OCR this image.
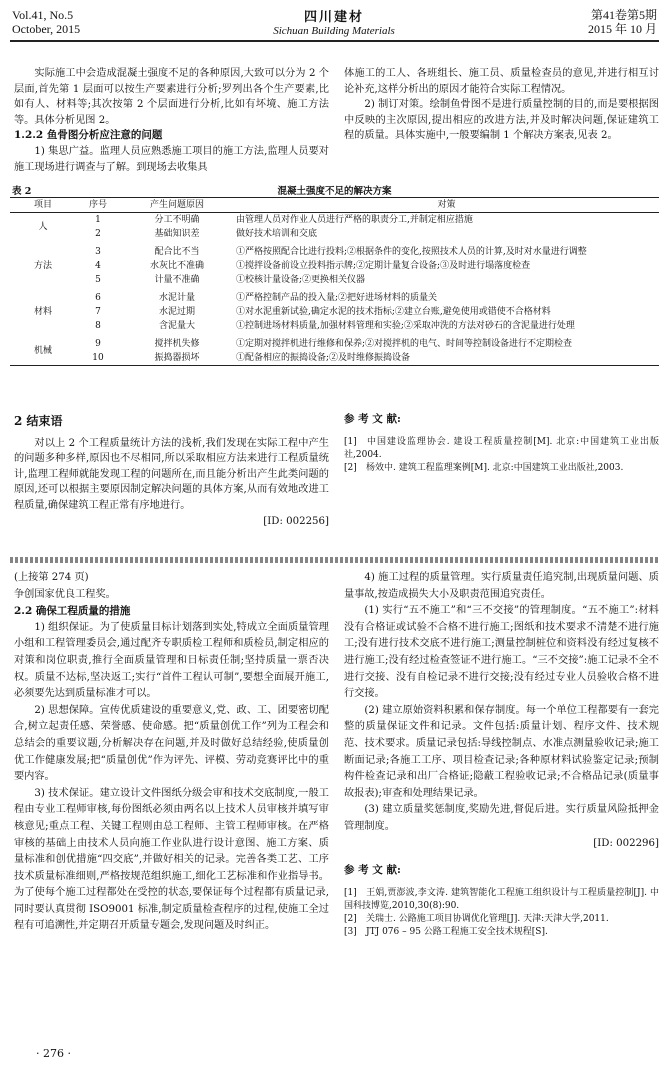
Vol.41, No.5
October, 2015
四川建材
Sichuan Building Materials
第41卷第5期
2015 年 10 月

实际施工中会造成混凝土强度不足的各种原因,大致可以分为 2 个层面,首先第 1 层面可以按生产要素进行分析;罗列出各个生产要素,比如有人、材料等;其次按第 2 个层面进行分析,比如有坏境、施工方法等。具体分析见图 2。

1.2.2 鱼骨图分析应注意的问题

1) 集思广益。监理人员应熟悉施工项目的施工方法,监理人员要对施工现场进行调查与了解。到现场去收集具

体施工的工人、各班组长、施工员、质量检查员的意见,并进行相互讨论补充,这样分析出的原因才能符合实际工程情况。

2) 制订对策。绘制鱼骨图不是进行质量控制的目的,而是要根据图中反映的主次原因,提出相应的改进方法,并及时解决问题,保证建筑工程的质量。具体实施中,一般要编制 1 个解决方案表,见表 2。

表 2	混凝土强度不足的解决方案
项目	序号	产生问题原因	对策
人	1	分工不明确	由管理人员对作业人员进行严格的职责分工,并制定相应措施
	2	基础知识差	做好技术培训和交底
方法	3	配合比不当	①严格按照配合比进行投料;②根据条件的变化,按照技术人员的计算,及时对水量进行调整
	4	水灰比不准确	①搅拌设备前设立投料指示牌;②定期计量复合设备;③及时进行塌落度检查
	5	计量不准确	①校核计量设备;②更换相关仪器
材料	6	水泥计量	①严格控制产品的投入量;②把好进场材料的质量关
	7	水泥过期	①对水泥重新试验,确定水泥的技术指标;②建立台账,避免使用或错使不合格材料
	8	含泥量大	①控制进场材料质量,加强材料管理和实验;②采取冲洗的方法对砂石的含泥量进行处理
机械	9	搅拌机失修	①定期对搅拌机进行维修和保养;②对搅拌机的电气、时间等控制设备进行不定期检查
	10	振捣器损坏	①配备相应的振捣设备;②及时维修振捣设备
2 结束语

对以上 2 个工程质量统计方法的浅析,我们发现在实际工程中产生的问题多种多样,原因也不尽相同,所以采取相应方法来进行工程质量统计,监理工程师就能发现工程的问题所在,而且能分析出产生此类问题的原因,还可以根据主要原因制定解决问题的具体方案,从而有效地改进工程质量,确保建筑工程正常有序地进行。

[ID: 002256]
参 考 文 献:
[1] 中国建设监理协会. 建设工程质量控制[M]. 北京:中国建筑工业出版社,2004.
[2] 杨效中. 建筑工程监理案例[M]. 北京:中国建筑工业出版社,2003.

(上接第 274 页)

争创国家优良工程奖。

2.2 确保工程质量的措施

1) 组织保证。为了使质量目标计划落到实处,特成立全面质量管理小组和工程管理委员会,通过配齐专职质检工程师和质检员,制定相应的对策和岗位职责,推行全面质量管理和日标责任制;坚持质量一票否决权。质量不达标,坚决返工;实行“首件工程认可制”,要想全面展开施工,必须要先达到质量标准才可以。

2) 思想保障。宣传优质建设的重要意义,党、政、工、团要密切配合,树立起责任感、荣誉感、使命感。把“质量创优工作”列为工程会和总结会的重要议题,分析解决存在问题,并及时做好总结经验,使质量创优工作健康发展;把“质量创优”作为评先、评模、劳动竞赛评比中的重要内容。

3) 技术保证。建立设计文件图纸分级会审和技术交底制度,一般工程由专业工程师审核,每份图纸必须由两名以上技术人员审核并填写审核意见;重点工程、关键工程则由总工程师、主管工程师审核。在严格审核的基础上由技术人员向施工作业队进行设计意图、施工方案、质量标准和创优措施“四交底”,并做好相关的记录。完善各类工艺、工序技术质量标准细则,严格按规范组织施工,细化工艺标准和作业指导书。为了使每个施工过程都处在受控的状态,要保证每个过程都有质量记录,同时要认真贯彻 ISO9001 标准,制定质量检查程序的过程,使施工全过程有可追溯性,并定期召开质量专题会,发现问题及时纠正。

· 276 ·

4) 施工过程的质量管理。实行质量责任追究制,出现质量问题、质量事故,按造成损失大小及职责范围追究责任。

(1) 实行“五不施工”和“三不交接”的管理制度。“五不施工”:材料没有合格证或试验不合格不进行施工;图纸和技术要求不清楚不进行施工;没有进行技术交底不进行施工;测量控制桩位和资料没有经过复核不进行施工;没有经过检查签证不进行施工。“三不交接”:施工记录不全不进行交接、没有自检记录不进行交接;没有经过专业人员验收合格不进行交接。

(2) 建立原始资料积累和保存制度。每一个单位工程都要有一套完整的质量保证文件和记录。文件包括:质量计划、程序文件、技术规范、技术要求。质量记录包括:导线控制点、水准点测量验收记录;施工断面记录;各施工工序、项目检查记录;各种原材料试验鉴定记录;预制构件检查记录和出厂合格证;隐蔽工程验收记录;不合格品记录(质量事故报表);审查和处理结果记录。

(3) 建立质量奖惩制度,奖励先进,督促后进。实行质量风险抵押金管理制度。

[ID: 002296]
参 考 文 献:
[1] 王娟,贾澎波,李文涛. 建筑智能化工程施工组织设计与工程质量控制[J]. 中国科技博览,2010,30(8):90.
[2] 关瑞士. 公路施工项目协调优化管理[J]. 天津:天津大学,2011.
[3] JTJ 076 – 95 公路工程施工安全技术规程[S].
